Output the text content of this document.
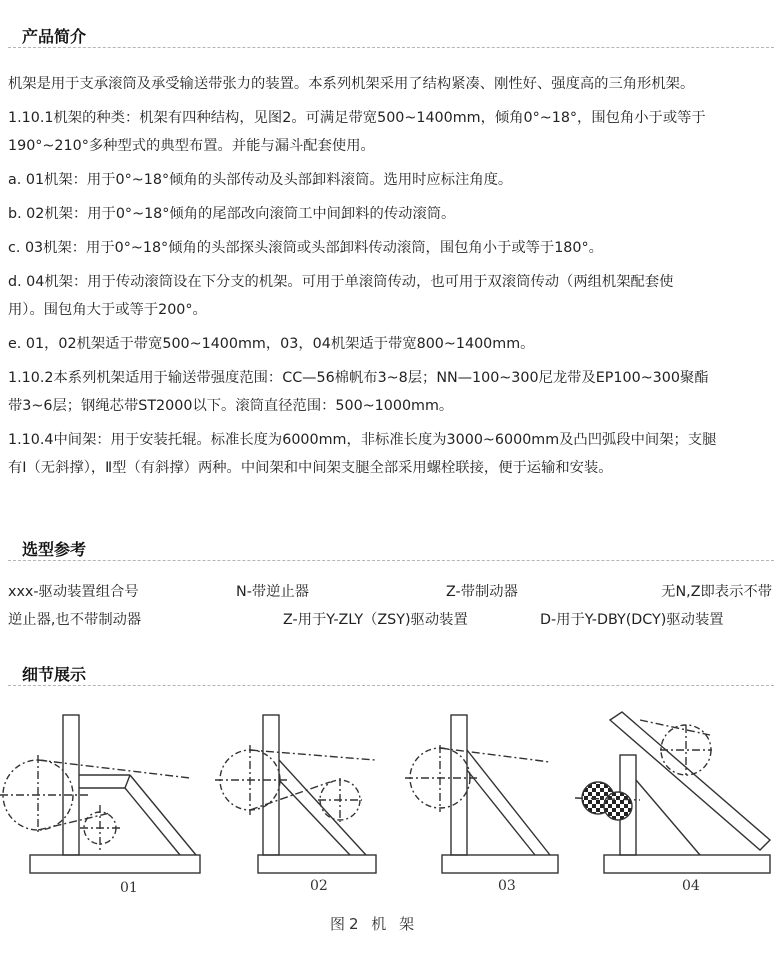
产品简介
机架是用于支承滚筒及承受输送带张力的装置。本系列机架采用了结构紧凑、刚性好、强度高的三角形机架。
1.10.1机架的种类：机架有四种结构，见图2。可满足带宽500~1400mm，倾角0°~18°，围包角小于或等于
190°~210°多种型式的典型布置。并能与漏斗配套使用。
a. 01机架：用于0°~18°倾角的头部传动及头部卸料滚筒。选用时应标注角度。
b. 02机架：用于0°~18°倾角的尾部改向滚筒工中间卸料的传动滚筒。
c. 03机架：用于0°~18°倾角的头部探头滚筒或头部卸料传动滚筒，围包角小于或等于180°。
d. 04机架：用于传动滚筒设在下分支的机架。可用于单滚筒传动，也可用于双滚筒传动（两组机架配套使
用）。围包角大于或等于200°。
e. 01，02机架适于带宽500~1400mm，03，04机架适于带宽800~1400mm。
1.10.2本系列机架适用于输送带强度范围：CC—56棉帆布3~8层；NN—100~300尼龙带及EP100~300聚酯
带3~6层；钢绳芯带ST2000以下。滚筒直径范围：500~1000mm。
1.10.4中间架：用于安装托辊。标准长度为6000mm，非标准长度为3000~6000mm及凸凹弧段中间架；支腿
有Ⅰ（无斜撑），Ⅱ型（有斜撑）两种。中间架和中间架支腿全部采用螺栓联接，便于运输和安装。
选型参考
xxx-驱动装置组合号	N-带逆止器	Z-带制动器	无N,Z即表示不带
逆止器,也不带制动器	Z-用于Y-ZLY（ZSY)驱动装置	D-用于Y-DBY(DCY)驱动装置
细节展示
01	02	03	04
图2 机 架
